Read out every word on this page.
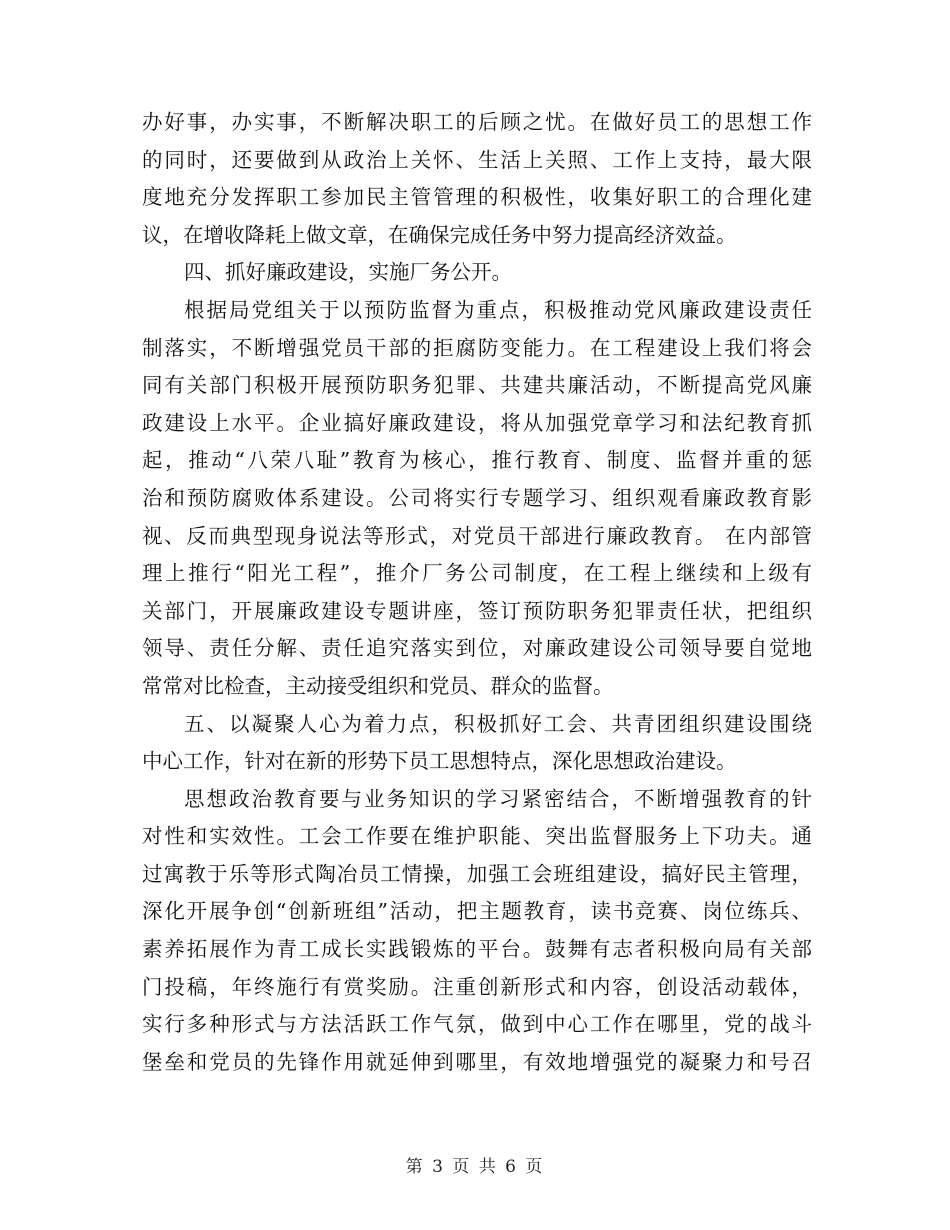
办好事，办实事，不断解决职工的后顾之忧。在做好员工的思想工作
的同时，还要做到从政治上关怀、生活上关照、工作上支持，最大限
度地充分发挥职工参加民主管管理的积极性，收集好职工的合理化建
议，在增收降耗上做文章，在确保完成任务中努力提高经济效益。
四、抓好廉政建设，实施厂务公开。
根据局党组关于以预防监督为重点，积极推动党风廉政建设责任
制落实，不断增强党员干部的拒腐防变能力。在工程建设上我们将会
同有关部门积极开展预防职务犯罪、共建共廉活动，不断提高党风廉
政建设上水平。企业搞好廉政建设，将从加强党章学习和法纪教育抓
起，推动“八荣八耻”教育为核心，推行教育、制度、监督并重的惩
治和预防腐败体系建设。公司将实行专题学习、组织观看廉政教育影
视、反而典型现身说法等形式，对党员干部进行廉政教育。 在内部管
理上推行“阳光工程”，推介厂务公司制度，在工程上继续和上级有
关部门，开展廉政建设专题讲座，签订预防职务犯罪责任状，把组织
领导、责任分解、责任追究落实到位，对廉政建设公司领导要自觉地
常常对比检查，主动接受组织和党员、群众的监督。
五、以凝聚人心为着力点，积极抓好工会、共青团组织建设围绕
中心工作，针对在新的形势下员工思想特点，深化思想政治建设。
思想政治教育要与业务知识的学习紧密结合，不断增强教育的针
对性和实效性。工会工作要在维护职能、突出监督服务上下功夫。通
过寓教于乐等形式陶冶员工情操，加强工会班组建设，搞好民主管理，
深化开展争创“创新班组”活动，把主题教育，读书竞赛、岗位练兵、
素养拓展作为青工成长实践锻炼的平台。鼓舞有志者积极向局有关部
门投稿，年终施行有赏奖励。注重创新形式和内容，创设活动载体，
实行多种形式与方法活跃工作气氛，做到中心工作在哪里，党的战斗
堡垒和党员的先锋作用就延伸到哪里，有效地增强党的凝聚力和号召
第 3 页 共 6 页
